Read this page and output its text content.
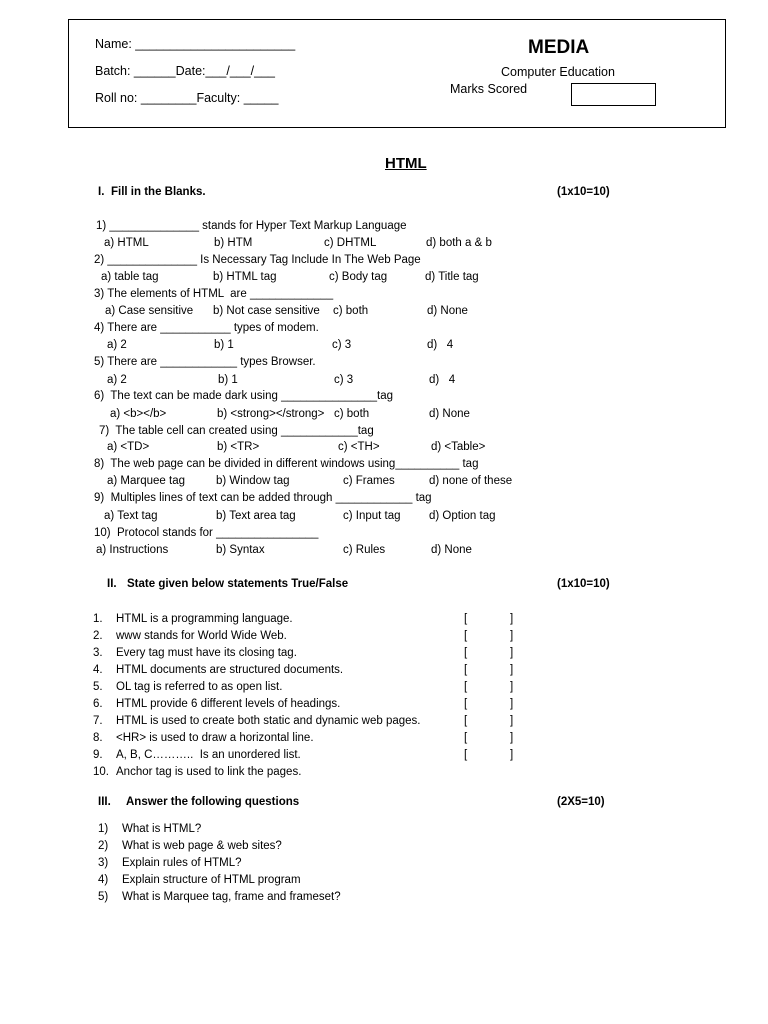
Name: _______________________
Batch: ______Date:___/___/___
Roll no: ________Faculty: _____
MEDIA
Computer Education
Marks Scored
HTML
I. Fill in the Blanks.	(1x10=10)
1) ______________ stands for Hyper Text Markup Language
a) HTML	b) HTM	c) DHTML	d) both a & b
2) ______________ Is Necessary Tag Include In The Web Page
a) table tag	b) HTML tag	c) Body tag	d) Title tag
3) The elements of HTML  are _____________
a) Case sensitive b) Not case sensitive c) both	d) None
4) There are ___________ types of modem.
a) 2	b) 1	c) 3	d)   4
5) There are ____________ types Browser.
a) 2	b) 1	c) 3	d)   4
6)  The text can be made dark using _______________tag
a) <b></b>	b) <strong></strong> c) both	d) None
7)  The table cell can created using ____________tag
a) <TD>	b) <TR>	c) <TH>	d) <Table>
8)  The web page can be divided in different windows using__________ tag
a) Marquee tag	b) Window tag	c) Frames	d) none of these
9)  Multiples lines of text can be added through ____________ tag
a) Text tag	b) Text area tag	c) Input tag d) Option tag
10)  Protocol stands for ________________
a) Instructions	b) Syntax	c) Rules	d) None
II. State given below statements True/False	(1x10=10)
1. HTML is a programming language.	[	]
2. www stands for World Wide Web.	[	]
3. Every tag must have its closing tag.	[	]
4. HTML documents are structured documents.	[	]
5. OL tag is referred to as open list.	[	]
6. HTML provide 6 different levels of headings.	[	]
7. HTML is used to create both static and dynamic web pages.	[	]
8. <HR> is used to draw a horizontal line.	[	]
9. A, B, C………..  Is an unordered list.	[	]
10. Anchor tag is used to link the pages.
III. Answer the following questions	(2X5=10)
1) What is HTML?
2) What is web page & web sites?
3) Explain rules of HTML?
4) Explain structure of HTML program
5) What is Marquee tag, frame and frameset?
